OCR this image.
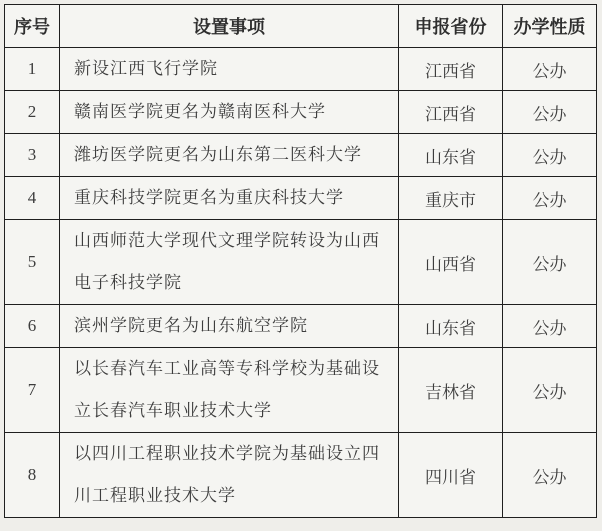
序号	设置事项	申报省份	办学性质
1	新设江西飞行学院	江西省	公办
2	赣南医学院更名为赣南医科大学	江西省	公办
3	潍坊医学院更名为山东第二医科大学	山东省	公办
4	重庆科技学院更名为重庆科技大学	重庆市	公办
5	山西师范大学现代文理学院转设为山西电子科技学院	山西省	公办
6	滨州学院更名为山东航空学院	山东省	公办
7	以长春汽车工业高等专科学校为基础设立长春汽车职业技术大学	吉林省	公办
8	以四川工程职业技术学院为基础设立四川工程职业技术大学	四川省	公办
